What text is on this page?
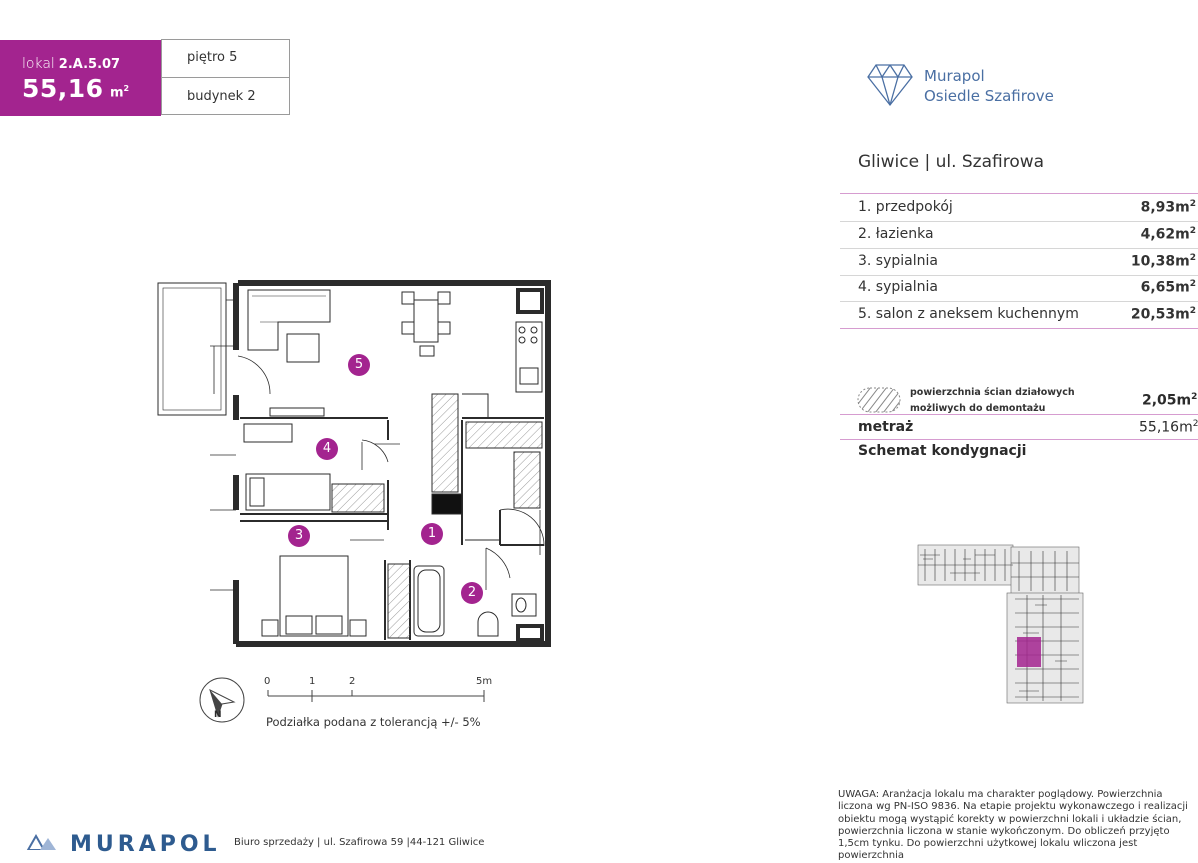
lokal 2.A.5.07
55,16 $m^2$
piętro 5
budynek 2
Murapol
Osiedle Szafirove
Gliwice | ul. Szafirowa
1. przedpokój	$8,93m^2$
2. łazienka	$4,62m^2$
3. sypialnia	$10,38m^2$
4. sypialnia	$6,65m^2$
5. salon z aneksem kuchennym	$20,53m^2$
powierzchnia ścian działowych możliwych do demontażu	$2,05m^2$
metraż	$55,16m^2$
Schemat kondygnacji
1
2
3
4
5
N
0	1	2	5m
Podziałka podana z tolerancją +/- 5%
UWAGA: Aranżacja lokalu ma charakter poglądowy. Powierzchnia liczona wg PN-ISO 9836. Na etapie projektu wykonawczego i realizacji obiektu mogą wystąpić korekty w powierzchni lokali i układzie ścian, powierzchnia liczona w stanie wykończonym. Do obliczeń przyjęto 1,5cm tynku. Do powierzchni użytkowej lokalu wliczona jest powierzchnia
MURAPOL Biuro sprzedaży | ul. Szafirowa 59 |44-121 Gliwice
